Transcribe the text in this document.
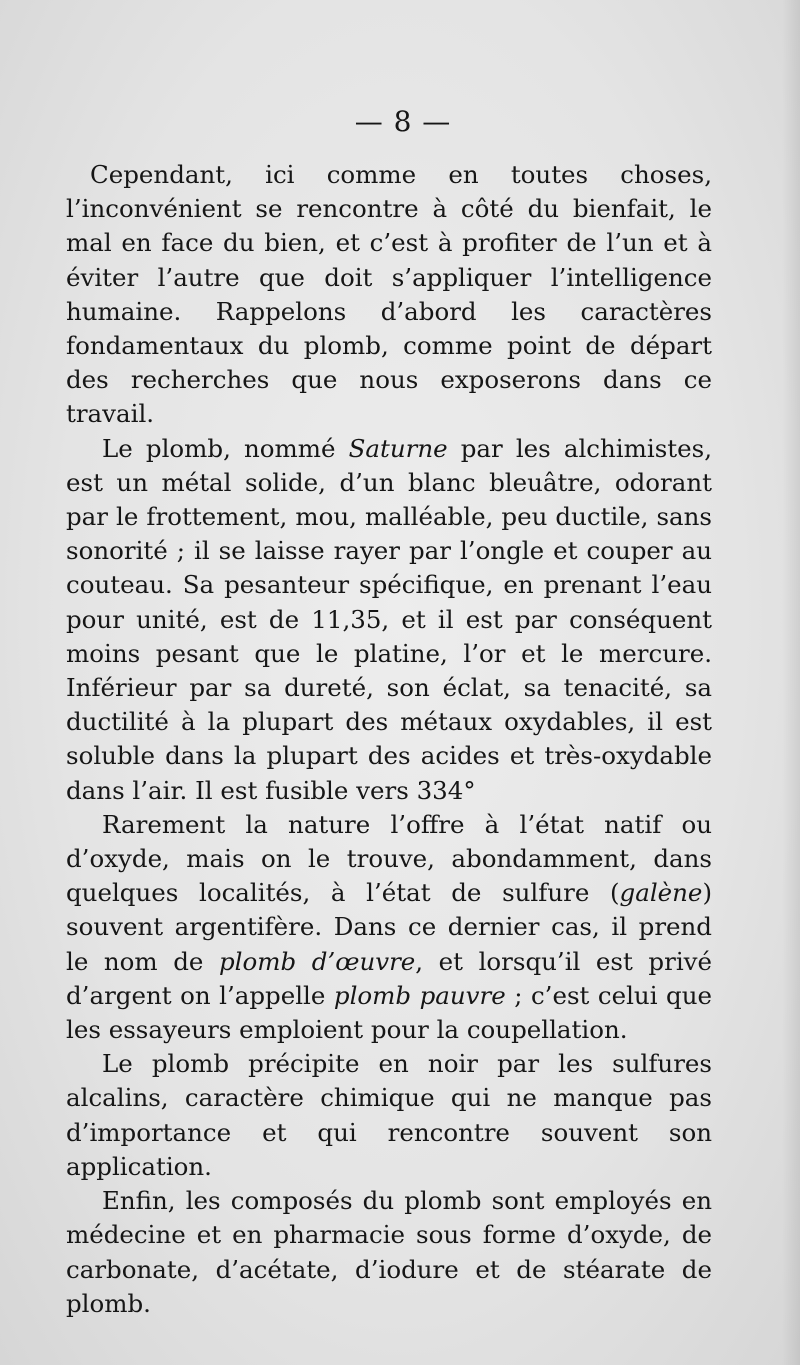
— 8 —

Cependant, ici comme en toutes choses, l’inconvénient se rencontre à côté du bienfait, le mal en face du bien, et c’est à profiter de l’un et à éviter l’autre que doit s’appliquer l’intelligence humaine. Rappelons d’abord les caractères fondamentaux du plomb, comme point de départ des recherches que nous exposerons dans ce travail.

Le plomb, nommé Saturne par les alchimistes, est un métal solide, d’un blanc bleuâtre, odorant par le frottement, mou, malléable, peu ductile, sans sonorité ; il se laisse rayer par l’ongle et couper au couteau. Sa pesanteur spécifique, en prenant l’eau pour unité, est de 11,35, et il est par conséquent moins pesant que le platine, l’or et le mercure. Inférieur par sa dureté, son éclat, sa tenacité, sa ductilité à la plupart des métaux oxydables, il est soluble dans la plupart des acides et très-oxydable dans l’air. Il est fusible vers 334°

Rarement la nature l’offre à l’état natif ou d’oxyde, mais on le trouve, abondamment, dans quelques localités, à l’état de sulfure (galène) souvent argentifère. Dans ce dernier cas, il prend le nom de plomb d’œuvre, et lorsqu’il est privé d’argent on l’appelle plomb pauvre ; c’est celui que les essayeurs emploient pour la coupellation.

Le plomb précipite en noir par les sulfures alcalins, caractère chimique qui ne manque pas d’importance et qui rencontre souvent son application.

Enfin, les composés du plomb sont employés en médecine et en pharmacie sous forme d’oxyde, de carbonate, d’acétate, d’iodure et de stéarate de plomb.
